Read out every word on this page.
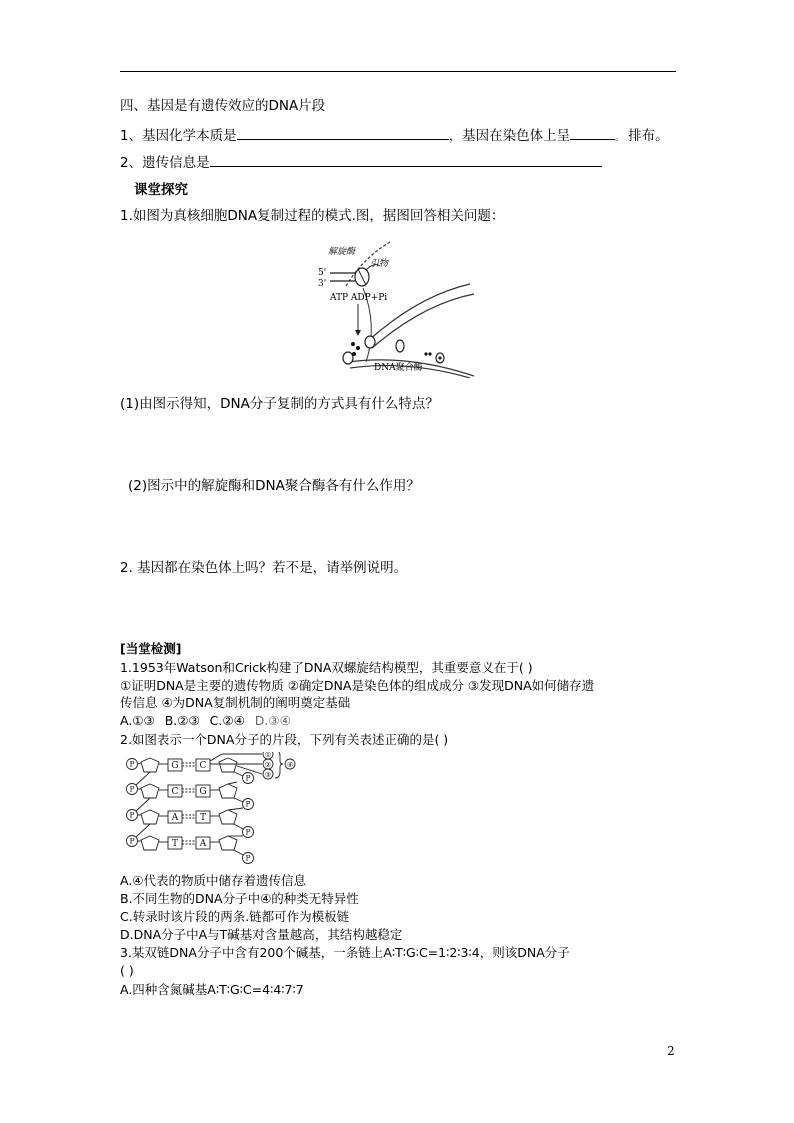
四、基因是有遗传效应的DNA片段
1、基因化学本质是	，基因在染色体上呈	。 排布。
2、遗传信息是
课堂探究
1.如图为真核细胞DNA复制过程的模式.图，据图回答相关问题：
解旋酶
引物
5'
3'
ATP ADP+Pi
DNA聚合酶
(1)由图示得知，DNA分子复制的方式具有什么特点？
(2)图示中的解旋酶和DNA聚合酶各有什么作用？
2. 基因都在染色体上吗？若不是，请举例说明。
[当堂检测]
1.1953年Watson和Crick构建了DNA双螺旋结构模型，其重要意义在于( )
①证明DNA是主要的遗传物质 ②确定DNA是染色体的组成成分 ③发现DNA如何储存遗
传信息 ④为DNA复制机制的阐明奠定基础
A.①③ B.②③ C.②④ D.③④
2.如图表示一个DNA分子的片段，下列有关表述正确的是( )
P
P
P
P
P
P
P
P
G C
C G
A T
T A
①
②
③
④
A.④代表的物质中储存着遗传信息
B.不同生物的DNA分子中④的种类无特异性
C.转录时该片段的两条.链都可作为模板链
D.DNA分子中A与T碱基对含量越高，其结构越稳定
3.某双链DNA分子中含有200个碱基，一条链上A∶T∶G∶C=1∶2∶3∶4，则该DNA分子
( )
A.四种含氮碱基A∶T∶G∶C=4∶4∶7∶7
2
